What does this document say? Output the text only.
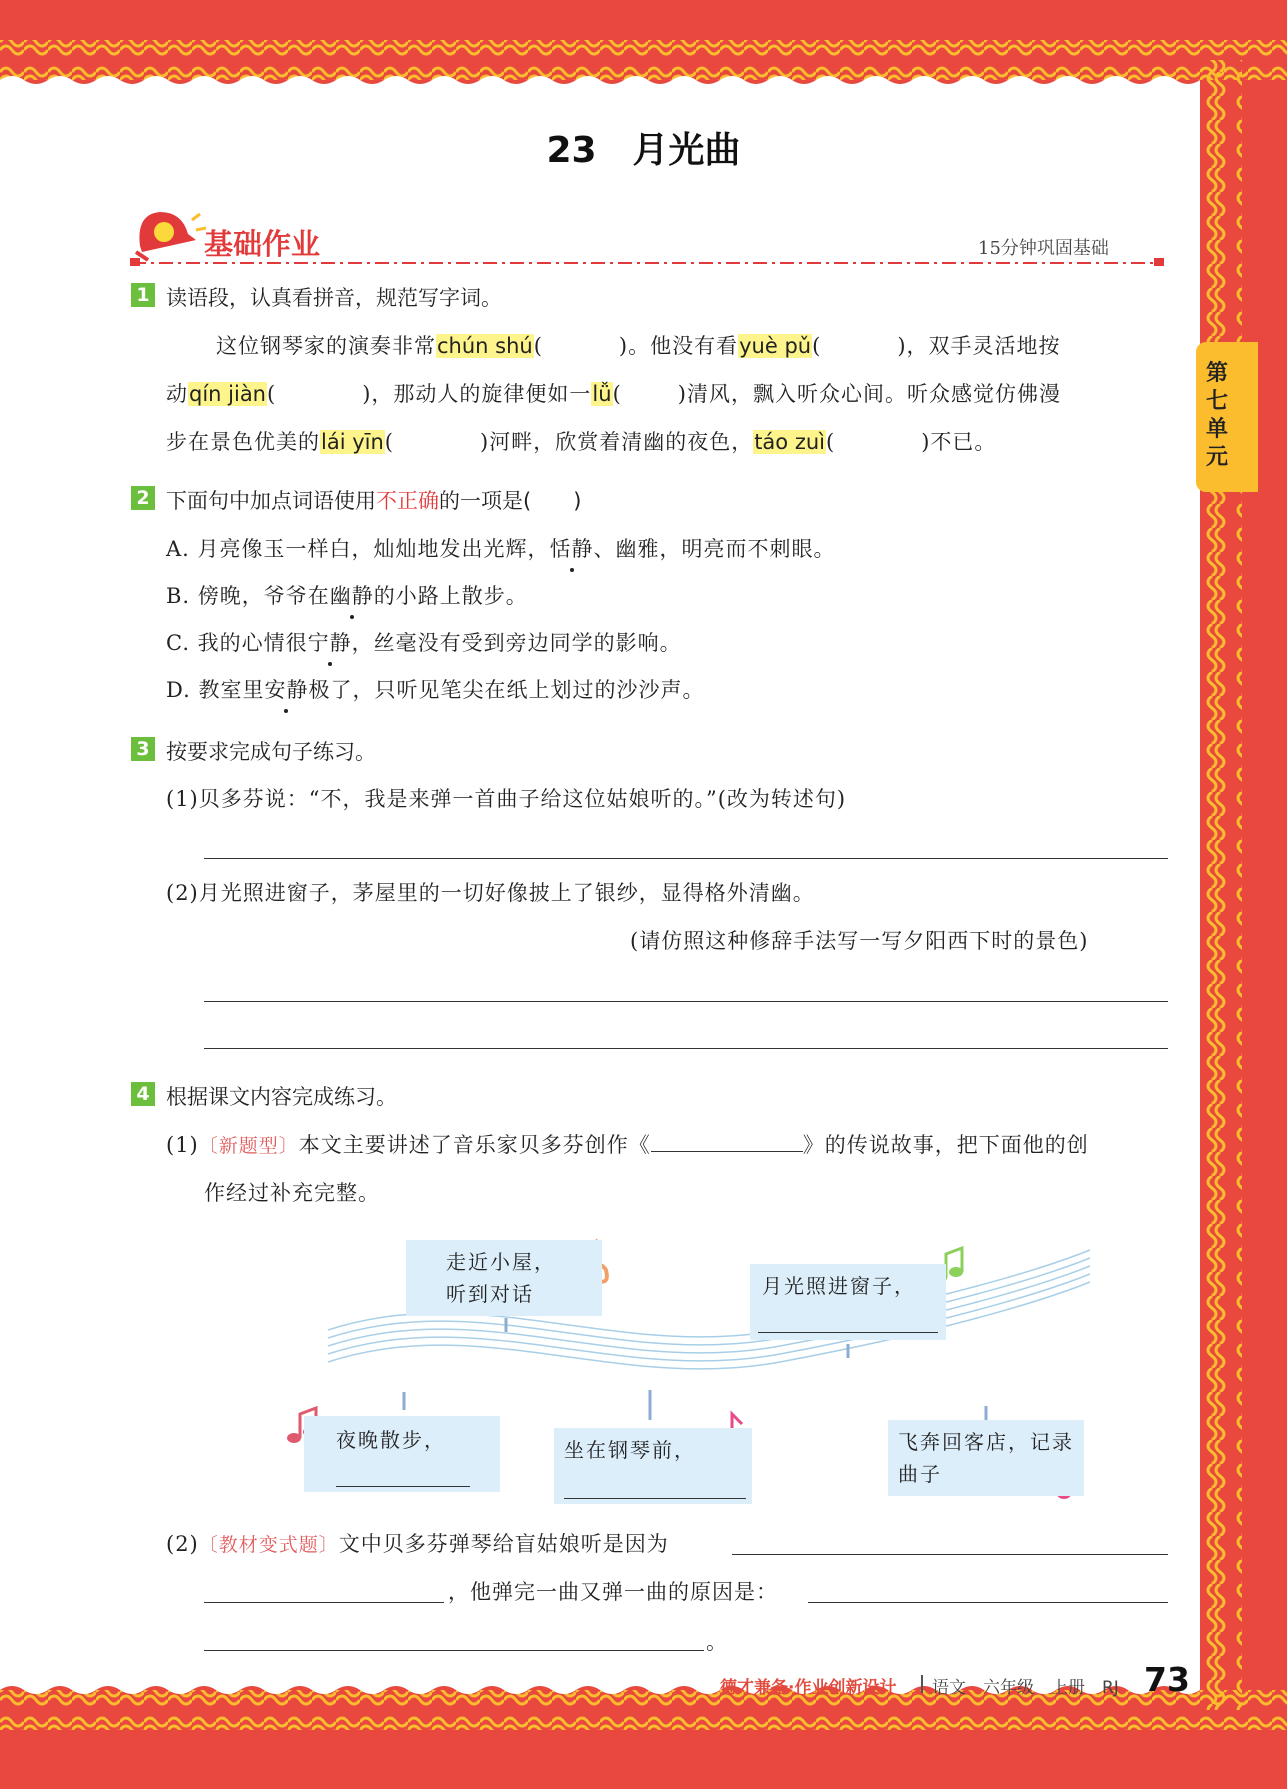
第七单元
23　月光曲
基础作业	15分钟巩固基础
1 读语段，认真看拼音，规范写字词。
这位钢琴家的演奏非常chún shú(	)。他没有看yuè pǔ(	)，双手灵活地按
动qín jiàn(	)，那动人的旋律便如一lǚ(	)清风，飘入听众心间。听众感觉仿佛漫
步在景色优美的lái yīn(	)河畔，欣赏着清幽的夜色，táo zuì(	)不已。
2 下面句中加点词语使用不正确的一项是(　　)
A. 月亮像玉一样白，灿灿地发出光辉，恬静、幽雅，明亮而不刺眼。
B. 傍晚，爷爷在幽静的小路上散步。
C. 我的心情很宁静，丝毫没有受到旁边同学的影响。
D. 教室里安静极了，只听见笔尖在纸上划过的沙沙声。
3 按要求完成句子练习。
(1)贝多芬说：“不，我是来弹一首曲子给这位姑娘听的。”(改为转述句)
(2)月光照进窗子，茅屋里的一切好像披上了银纱，显得格外清幽。
(请仿照这种修辞手法写一写夕阳西下时的景色)
4 根据课文内容完成练习。
(1)〔新题型〕本文主要讲述了音乐家贝多芬创作《	》的传说故事，把下面他的创
作经过补充完整。
走近小屋，
听到对话	月光照进窗子，
夜晚散步，	坐在钢琴前，	飞奔回客店，记录
曲子
(2)〔教材变式题〕文中贝多芬弹琴给盲姑娘听是因为
，他弹完一曲又弹一曲的原因是：
。
德才兼备·作业创新设计 语文　六年级　上册　RJ 73
